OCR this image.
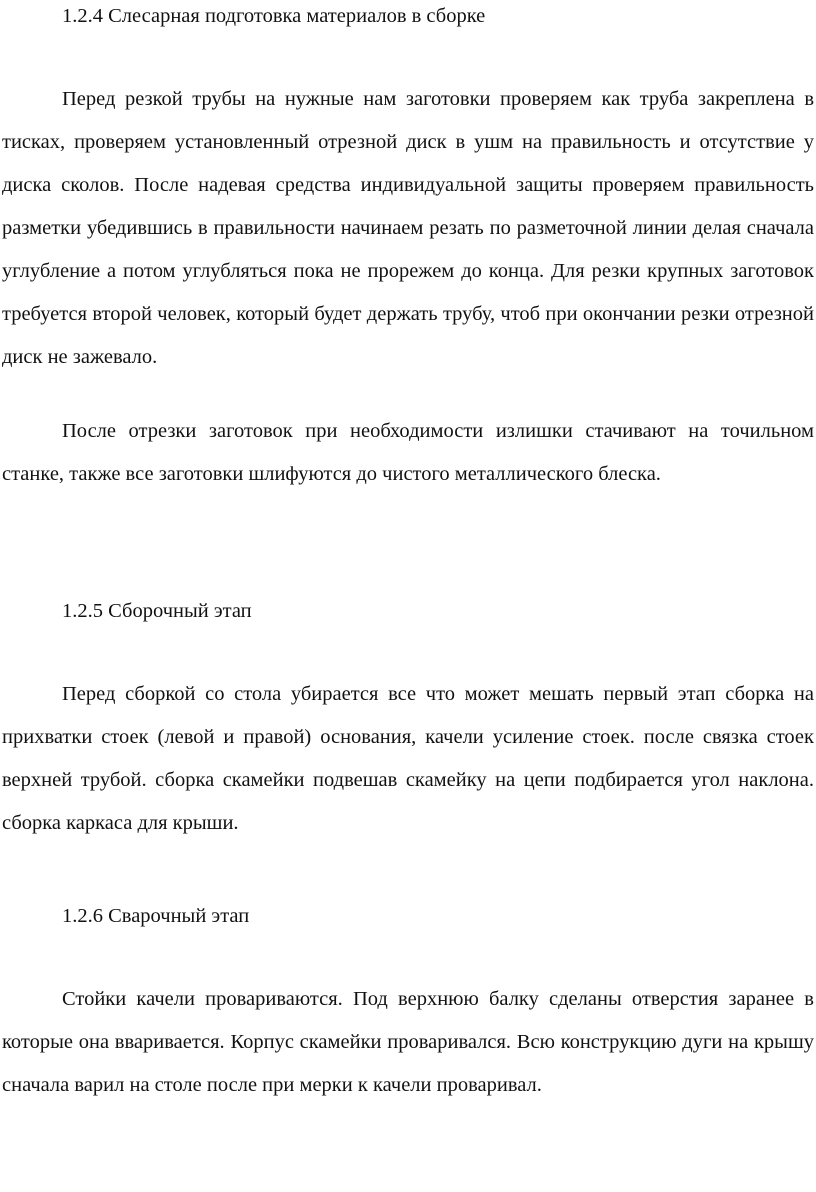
1.2.4 Слесарная подготовка материалов в сборке

Перед резкой трубы на нужные нам заготовки проверяем как труба закреплена в тисках, проверяем установленный отрезной диск в ушм на правильность и отсутствие у диска сколов. После надевая средства индивидуальной защиты проверяем правильность разметки убедившись в правильности начинаем резать по разметочной линии делая сначала углубление а потом углубляться пока не прорежем до конца. Для резки крупных заготовок требуется второй человек, который будет держать трубу, чтоб при окончании резки отрезной диск не зажевало.

После отрезки заготовок при необходимости излишки стачивают на точильном станке, также все заготовки шлифуются до чистого металлического блеска.

1.2.5 Сборочный этап

Перед сборкой со стола убирается все что может мешать первый этап сборка на прихватки стоек (левой и правой) основания, качели усиление стоек. после связка стоек верхней трубой. сборка скамейки подвешав скамейку на цепи подбирается угол наклона. сборка каркаса для крыши.

1.2.6 Сварочный этап

Стойки качели провариваются. Под верхнюю балку сделаны отверстия заранее в которые она вваривается. Корпус скамейки проваривался. Всю конструкцию дуги на крышу сначала варил на столе после при мерки к качели проваривал.
